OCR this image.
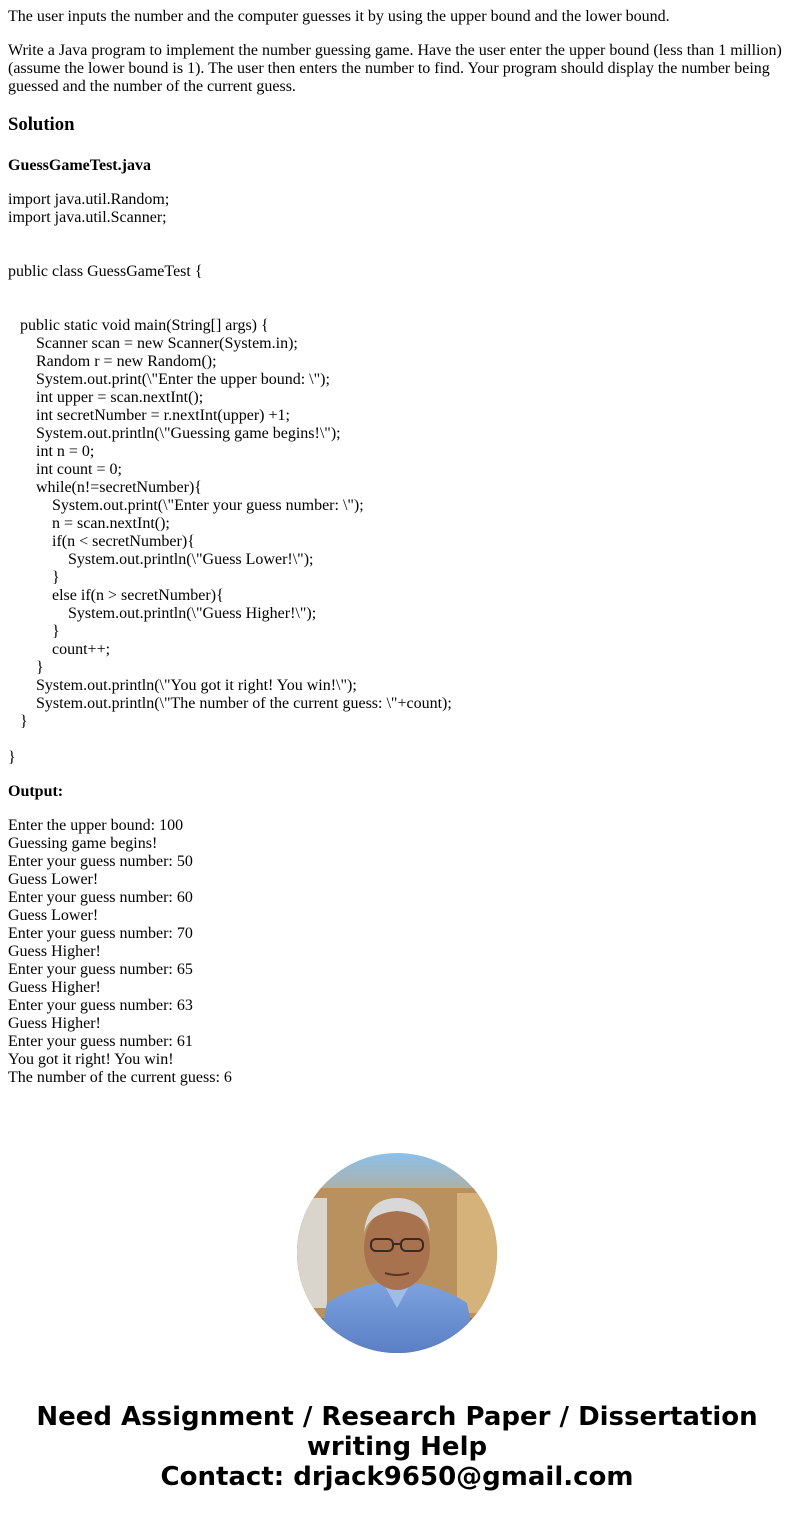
The user inputs the number and the computer guesses it by using the upper bound and the lower bound.

Write a Java program to implement the number guessing game. Have the user enter the upper bound (less than 1 million) (assume the lower bound is 1). The user then enters the number to find. Your program should display the number being guessed and the number of the current guess.

Solution
GuessGameTest.java
import java.util.Random;
import java.util.Scanner;
public class GuessGameTest {
public static void main(String[] args) {
Scanner scan = new Scanner(System.in);
Random r = new Random();
System.out.print(\"Enter the upper bound: \");
int upper = scan.nextInt();
int secretNumber = r.nextInt(upper) +1;
System.out.println(\"Guessing game begins!\");
int n = 0;
int count = 0;
while(n!=secretNumber){
System.out.print(\"Enter your guess number: \");
n = scan.nextInt();
if(n < secretNumber){
System.out.println(\"Guess Lower!\");
}
else if(n > secretNumber){
System.out.println(\"Guess Higher!\");
}
count++;
}
System.out.println(\"You got it right! You win!\");
System.out.println(\"The number of the current guess: \"+count);
}
}

Output:

Enter the upper bound: 100
Guessing game begins!
Enter your guess number: 50
Guess Lower!
Enter your guess number: 60
Guess Lower!
Enter your guess number: 70
Guess Higher!
Enter your guess number: 65
Guess Higher!
Enter your guess number: 63
Guess Higher!
Enter your guess number: 61
You got it right! You win!
The number of the current guess: 6
Need Assignment / Research Paper / Dissertation
writing Help
Contact: drjack9650@gmail.com
